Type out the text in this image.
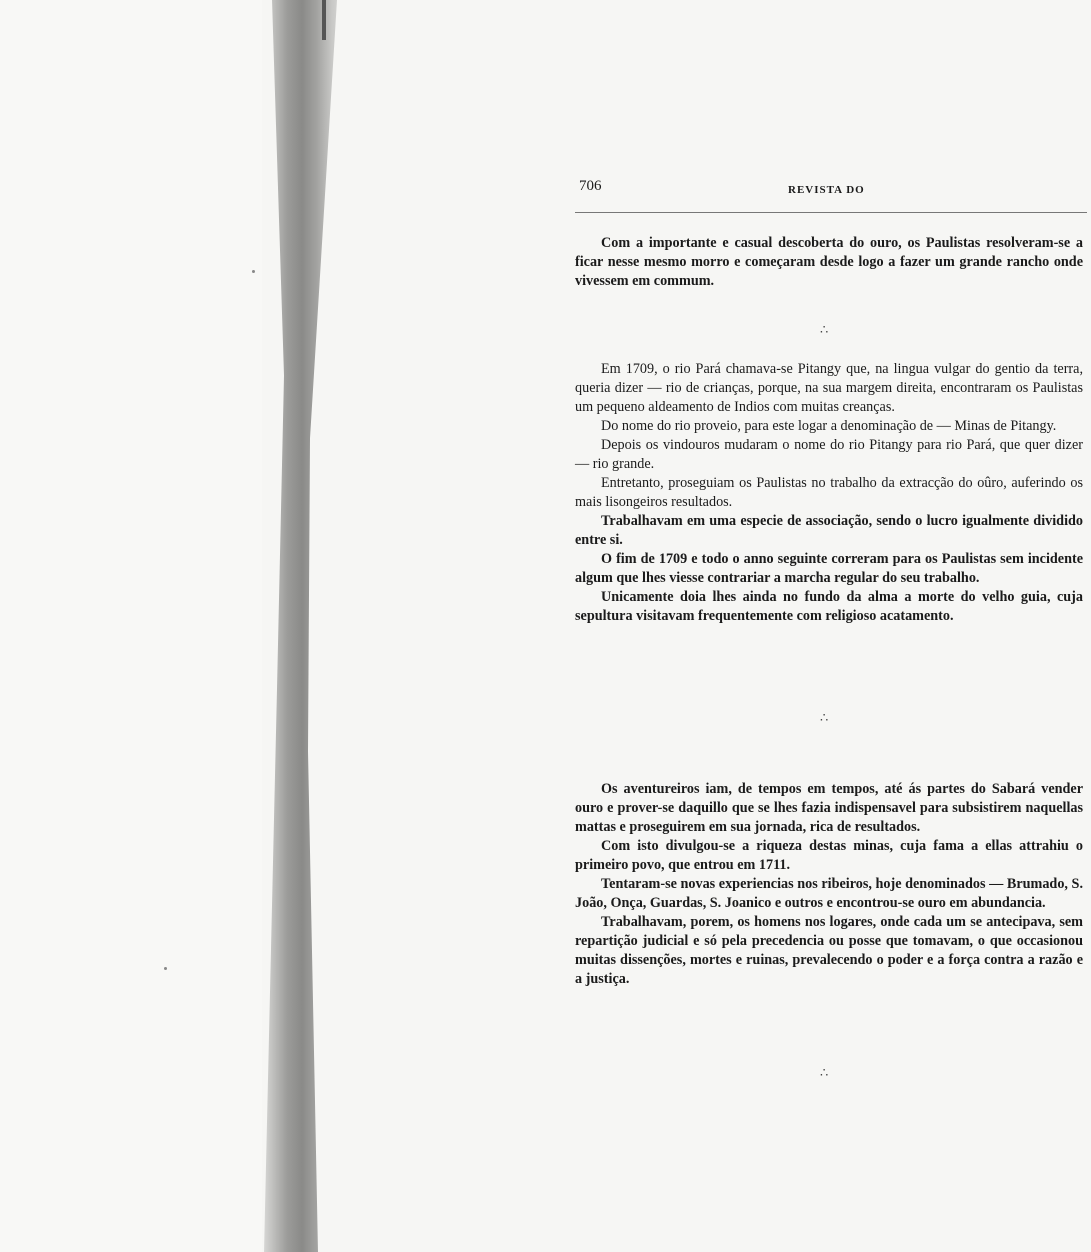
706	REVISTA DO

Com a importante e casual descoberta do ouro, os Paulistas resolveram-se a ficar nesse mesmo morro e começaram desde logo a fazer um grande rancho onde vivessem em commum.

∴

Em 1709, o rio Pará chamava-se Pitangy que, na lingua vulgar do gentio da terra, queria dizer — rio de crianças, porque, na sua margem direita, encontraram os Paulistas um pequeno aldeamento de Indios com muitas creanças.

Do nome do rio proveio, para este logar a denominação de — Minas de Pitangy.

Depois os vindouros mudaram o nome do rio Pitangy para rio Pará, que quer dizer — rio grande.

Entretanto, proseguiam os Paulistas no trabalho da extracção do oûro, auferindo os mais lisongeiros resultados.

Trabalhavam em uma especie de associação, sendo o lucro igualmente dividido entre si.

O fim de 1709 e todo o anno seguinte correram para os Paulistas sem incidente algum que lhes viesse contrariar a marcha regular do seu trabalho.

Unicamente doia lhes ainda no fundo da alma a morte do velho guia, cuja sepultura visitavam frequentemente com religioso acatamento.

∴

Os aventureiros iam, de tempos em tempos, até ás partes do Sabará vender ouro e prover-se daquillo que se lhes fazia indispensavel para subsistirem naquellas mattas e proseguirem em sua jornada, rica de resultados.

Com isto divulgou-se a riqueza destas minas, cuja fama a ellas attrahiu o primeiro povo, que entrou em 1711.

Tentaram-se novas experiencias nos ribeiros, hoje denominados — Brumado, S. João, Onça, Guardas, S. Joanico e outros e encontrou-se ouro em abundancia.

Trabalhavam, porem, os homens nos logares, onde cada um se antecipava, sem repartição judicial e só pela precedencia ou posse que tomavam, o que occasionou muitas dissenções, mortes e ruinas, prevalecendo o poder e a força contra a razão e a justiça.

∴
